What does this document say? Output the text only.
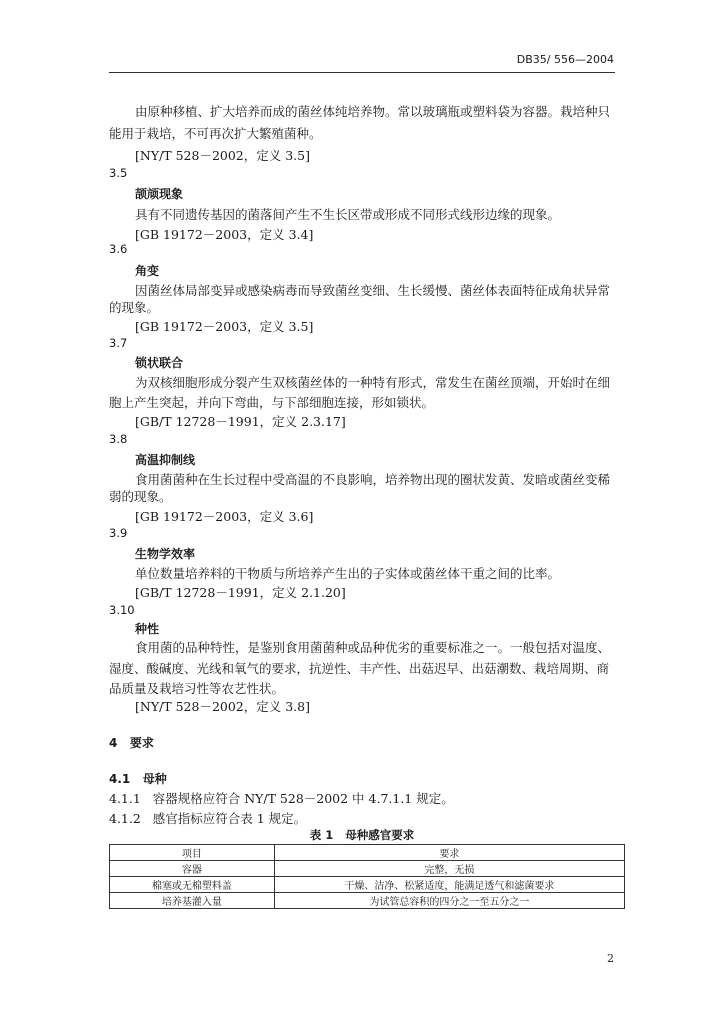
DB35/ 556—2004
由原种移植、扩大培养而成的菌丝体纯培养物。常以玻璃瓶或塑料袋为容器。栽培种只
能用于栽培，不可再次扩大繁殖菌种。
[NY/T 528－2002，定义 3.5]
3.5
颉颃现象
具有不同遗传基因的菌落间产生不生长区带或形成不同形式线形边缘的现象。
[GB 19172－2003，定义 3.4]
3.6
角变
因菌丝体局部变异或感染病毒而导致菌丝变细、生长缓慢、菌丝体表面特征成角状异常
的现象。
[GB 19172－2003，定义 3.5]
3.7
锁状联合
为双核细胞形成分裂产生双核菌丝体的一种特有形式，常发生在菌丝顶端，开始时在细
胞上产生突起，并向下弯曲，与下部细胞连接，形如锁状。
[GB/T 12728－1991，定义 2.3.17]
3.8
高温抑制线
食用菌菌种在生长过程中受高温的不良影响，培养物出现的圈状发黄、发暗或菌丝变稀
弱的现象。
[GB 19172－2003，定义 3.6]
3.9
生物学效率
单位数量培养料的干物质与所培养产生出的子实体或菌丝体干重之间的比率。
[GB/T 12728－1991，定义 2.1.20]
3.10
种性
食用菌的品种特性，是鉴别食用菌菌种或品种优劣的重要标准之一。一般包括对温度、
湿度、酸碱度、光线和氧气的要求，抗逆性、丰产性、出菇迟早、出菇潮数、栽培周期、商
品质量及栽培习性等农艺性状。
[NY/T 528－2002，定义 3.8]
4   要求
4.1   母种
4.1.1   容器规格应符合 NY/T 528－2002 中 4.7.1.1 规定。
4.1.2   感官指标应符合表 1 规定。
表 1   母种感官要求
项目	要求
容器	完整，无损
棉塞或无棉塑料盖	干燥、洁净、松紧适度，能满足透气和滤菌要求
培养基灌入量	为试管总容积的四分之一至五分之一
2
